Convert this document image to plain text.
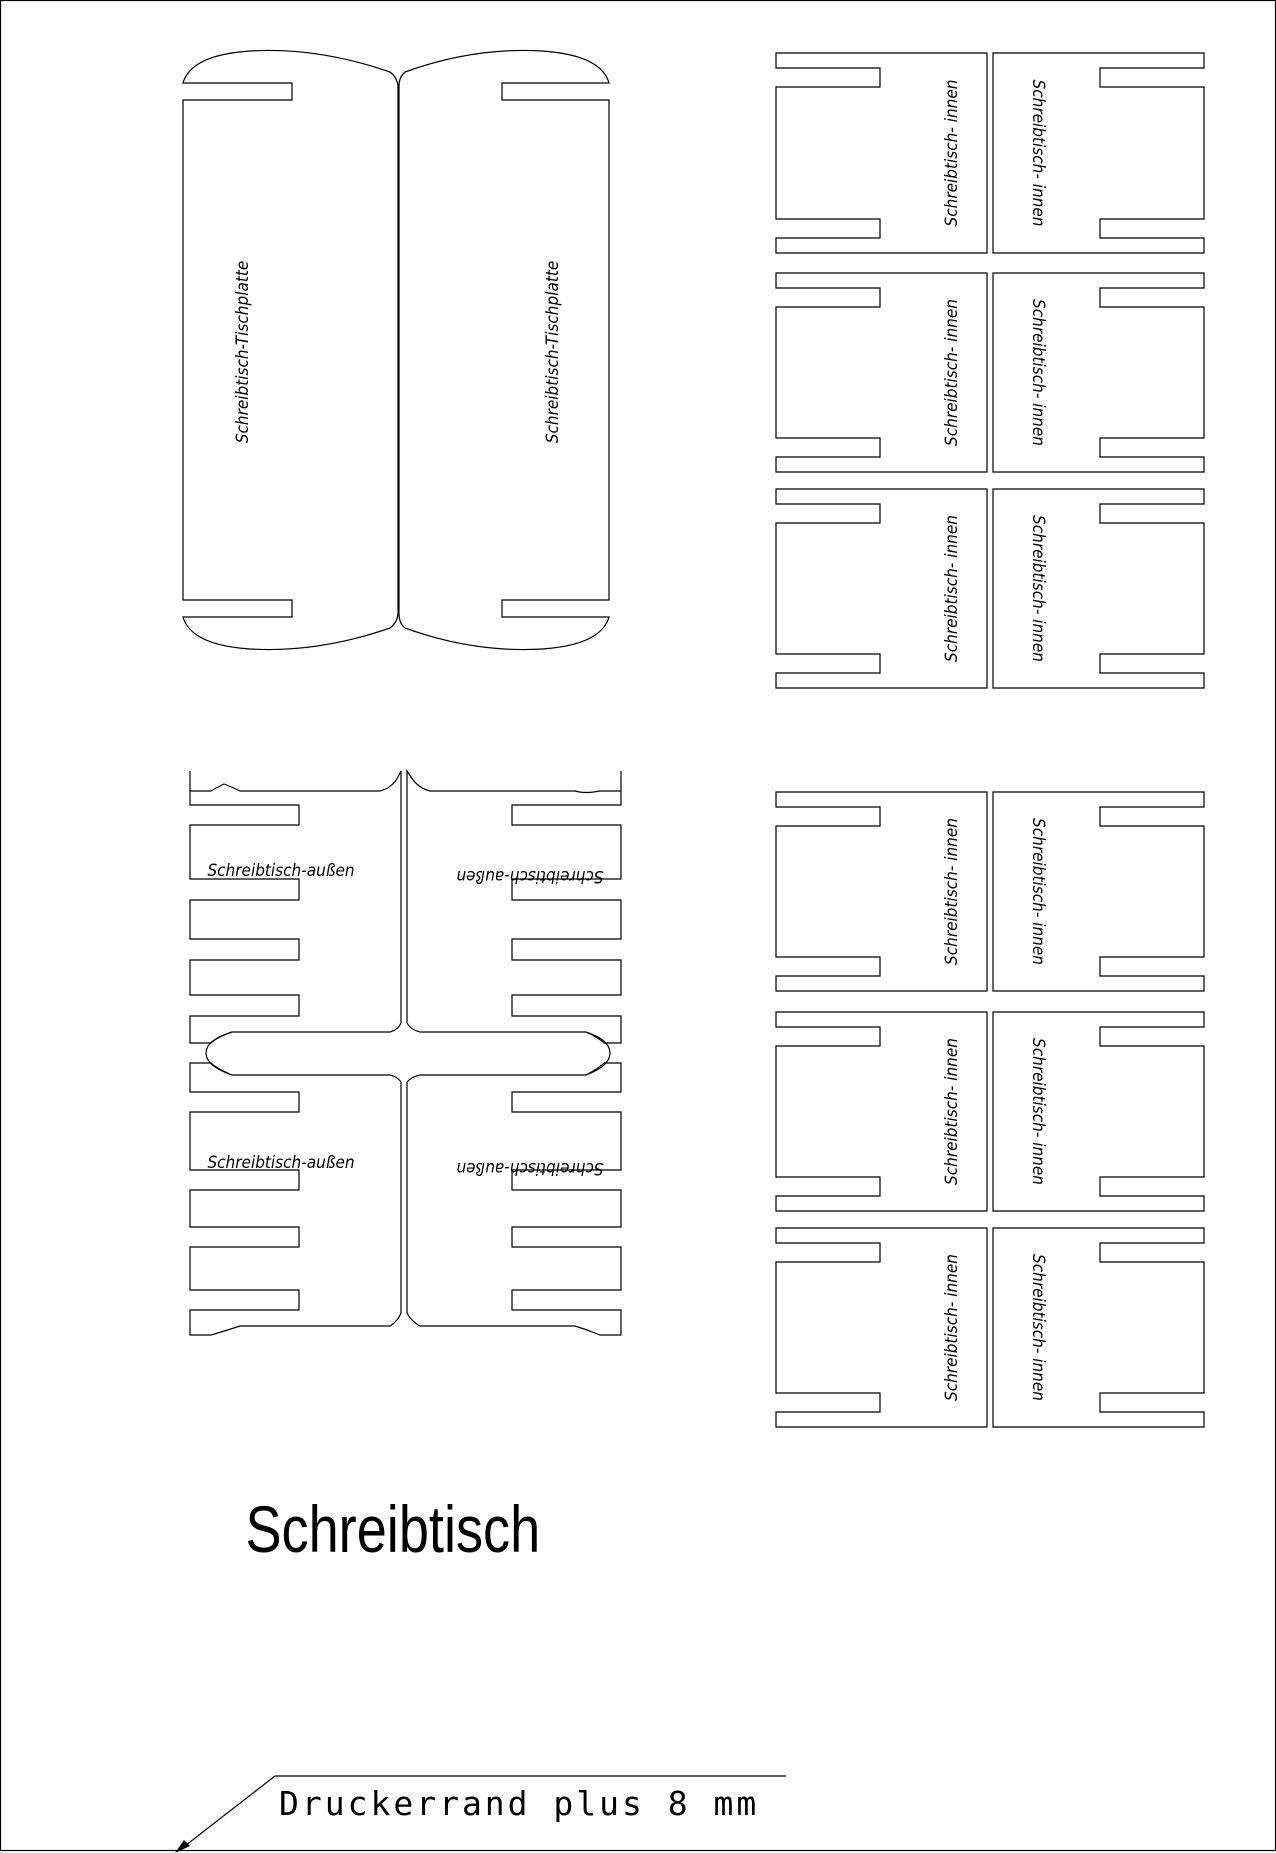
Schreibtisch-Tischplatte	Schreibtisch-Tischplatte
Schreibtisch-außen	Schreibtisch-außen
Schreibtisch-außen	Schreibtisch-außen
Schreibtisch- innen	Schreibtisch- innen
Schreibtisch- innen	Schreibtisch- innen
Schreibtisch- innen	Schreibtisch- innen
Schreibtisch- innen	Schreibtisch- innen
Schreibtisch- innen	Schreibtisch- innen
Schreibtisch- innen	Schreibtisch- innen
Schreibtisch
Druckerrand plus 8 mm
